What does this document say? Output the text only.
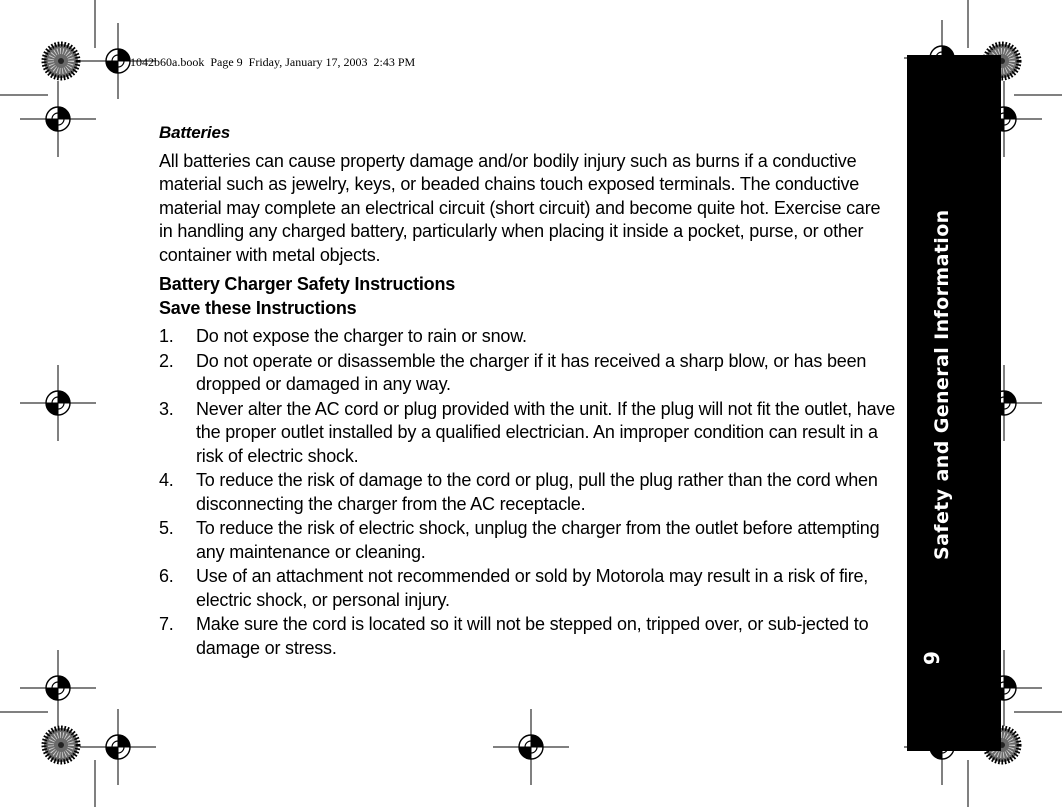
1042b60a.book  Page 9  Friday, January 17, 2003  2:43 PM
Safety and General Information
9
Batteries

All batteries can cause property damage and/or bodily injury such as burns if a conductive material such as jewelry, keys, or beaded chains touch exposed terminals. The conductive material may complete an electrical circuit (short circuit) and become quite hot. Exercise care in handling any charged battery, particularly when placing it inside a pocket, purse, or other container with metal objects.

Battery Charger Safety Instructions
Save these Instructions
1. Do not expose the charger to rain or snow.
2. Do not operate or disassemble the charger if it has received a sharp blow, or has been dropped or damaged in any way.
3. Never alter the AC cord or plug provided with the unit. If the plug will not fit the outlet, have the proper outlet installed by a qualified electrician. An improper condition can result in a risk of electric shock.
4. To reduce the risk of damage to the cord or plug, pull the plug rather than the cord when disconnecting the charger from the AC receptacle.
5. To reduce the risk of electric shock, unplug the charger from the outlet before attempting any maintenance or cleaning.
6. Use of an attachment not recommended or sold by Motorola may result in a risk of fire, electric shock, or personal injury.
7. Make sure the cord is located so it will not be stepped on, tripped over, or sub-jected to damage or stress.
